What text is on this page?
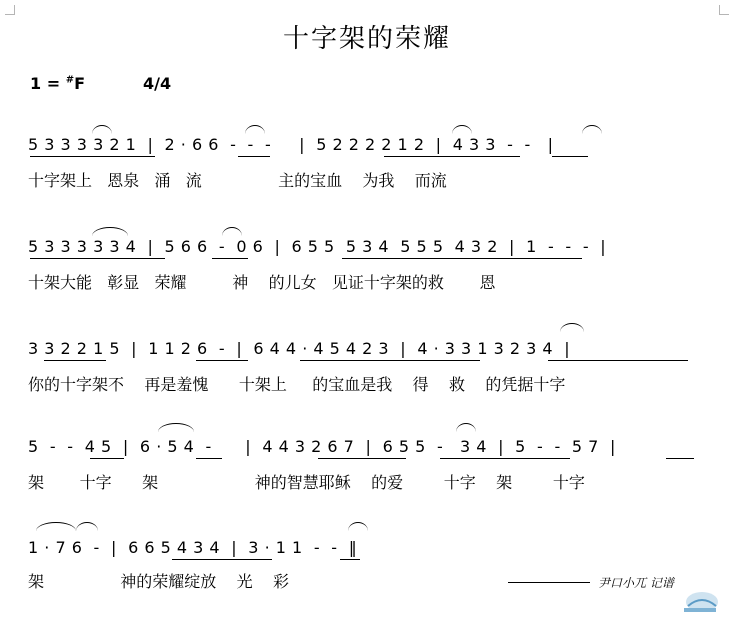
十字架的荣耀
1 = #F	4/4
5 3 3 3 3 2 1  |  2 · 6 6  -  -  -     |  5 2 2 2 2 1 2  |  4 3 3  -  -   |
十字架上   恩泉   涌   流               主的宝血    为我    而流
5 3 3 3 3 3 4  |  5 6 6  -  0 6  |  6 5 5  5 3 4  5 5 5  4 3 2  |  1  -  -  -  |
十架大能   彰显   荣耀         神    的儿女   见证十字架的救       恩
3 3 2 2 1 5  |  1 1 2 6  -  |  6 4 4 · 4 5 4 2 3  |  4 · 3 3 1 3 2 3 4  |
你的十字架不    再是羞愧      十架上     的宝血是我    得    救    的凭据十字
5  -  -  4 5  |  6 · 5 4  -      |  4 4 3 2 6 7  |  6 5 5  -   3 4  |  5  -  -  5 7  |
架       十字      架                   神的智慧耶稣    的爱        十字    架        十字
1 · 7 6  -  |  6 6 5 4 3 4  |  3 · 1 1  -  -  ‖
架               神的荣耀绽放    光    彩	尹口小兀 记谱
